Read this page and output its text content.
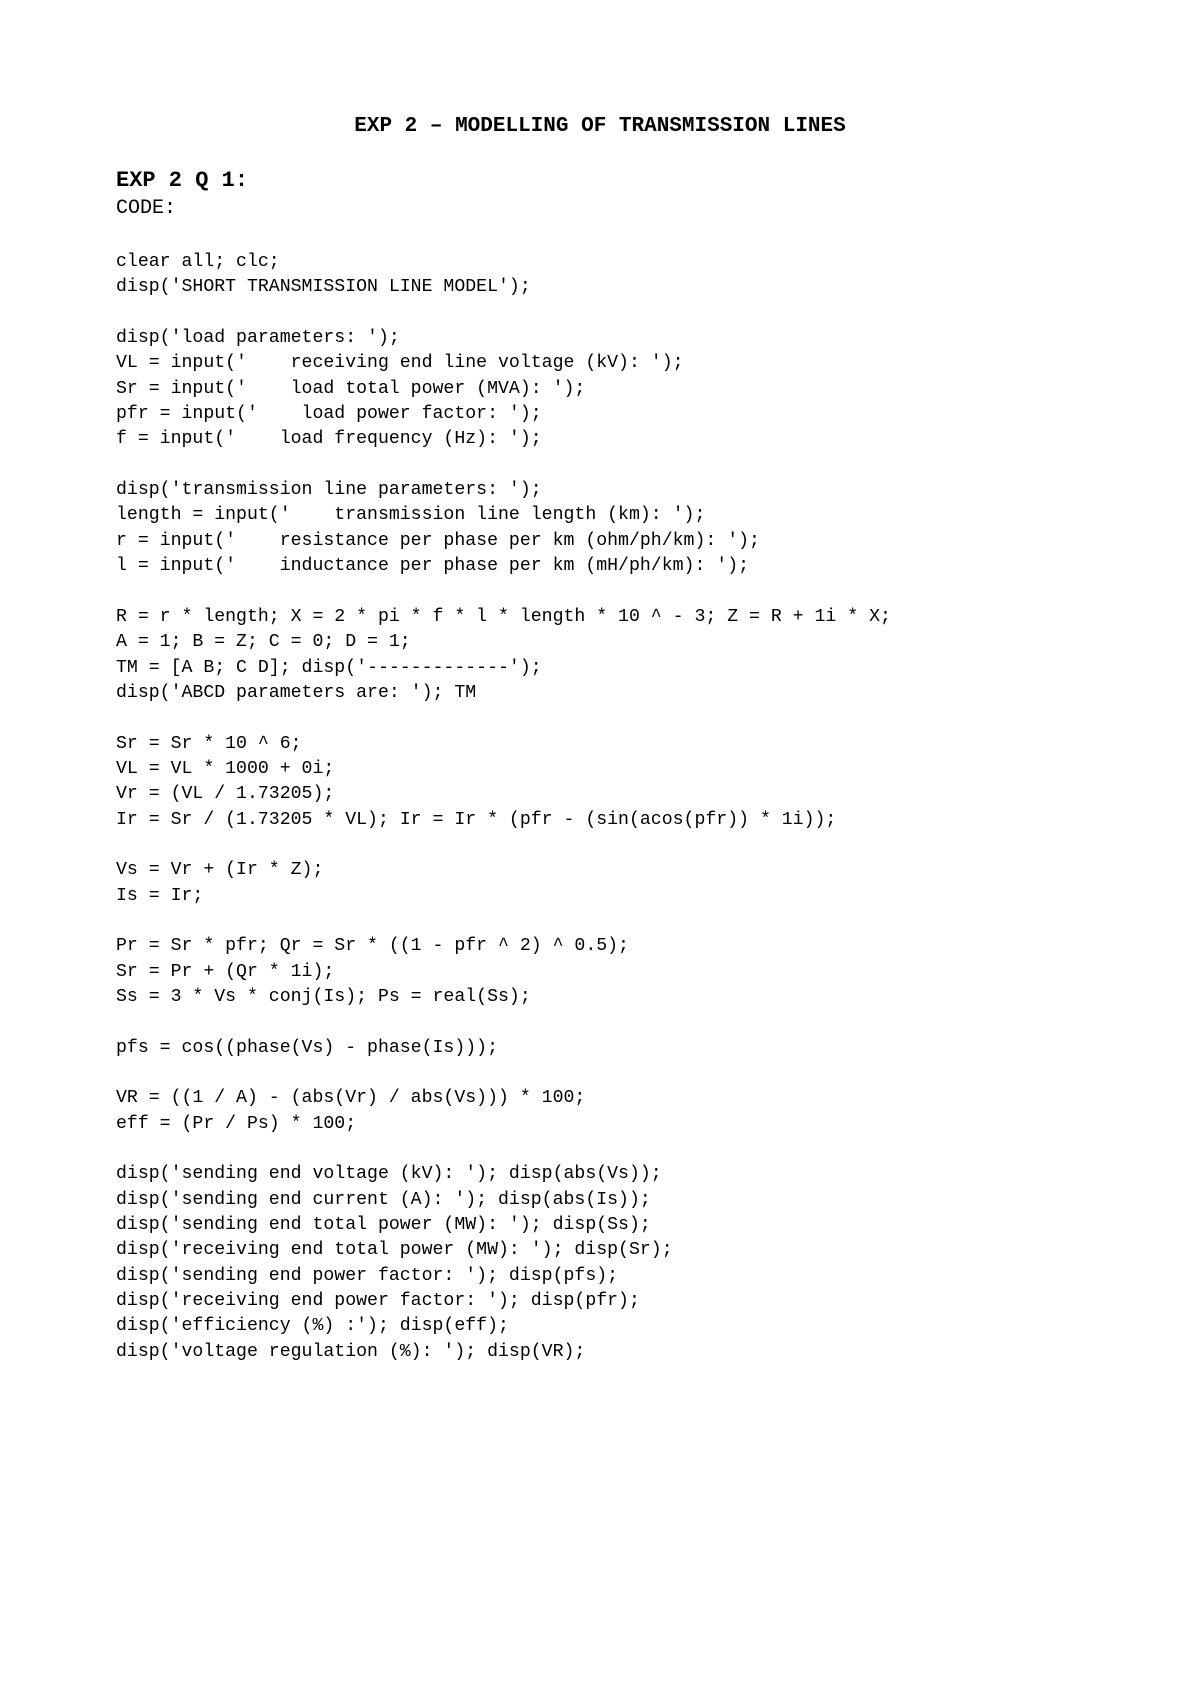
EXP 2 – MODELLING OF TRANSMISSION LINES
EXP 2 Q 1:
CODE:
clear all; clc;
disp('SHORT TRANSMISSION LINE MODEL');
disp('load parameters: ');
VL = input('    receiving end line voltage (kV): ');
Sr = input('    load total power (MVA): ');
pfr = input('    load power factor: ');
f = input('    load frequency (Hz): ');
disp('transmission line parameters: ');
length = input('    transmission line length (km): ');
r = input('    resistance per phase per km (ohm/ph/km): ');
l = input('    inductance per phase per km (mH/ph/km): ');
R = r * length; X = 2 * pi * f * l * length * 10 ^ - 3; Z = R + 1i * X;
A = 1; B = Z; C = 0; D = 1;
TM = [A B; C D]; disp('-------------');
disp('ABCD parameters are: '); TM
Sr = Sr * 10 ^ 6;
VL = VL * 1000 + 0i;
Vr = (VL / 1.73205);
Ir = Sr / (1.73205 * VL); Ir = Ir * (pfr - (sin(acos(pfr)) * 1i));
Vs = Vr + (Ir * Z);
Is = Ir;
Pr = Sr * pfr; Qr = Sr * ((1 - pfr ^ 2) ^ 0.5);
Sr = Pr + (Qr * 1i);
Ss = 3 * Vs * conj(Is); Ps = real(Ss);
pfs = cos((phase(Vs) - phase(Is)));
VR = ((1 / A) - (abs(Vr) / abs(Vs))) * 100;
eff = (Pr / Ps) * 100;
disp('sending end voltage (kV): '); disp(abs(Vs));
disp('sending end current (A): '); disp(abs(Is));
disp('sending end total power (MW): '); disp(Ss);
disp('receiving end total power (MW): '); disp(Sr);
disp('sending end power factor: '); disp(pfs);
disp('receiving end power factor: '); disp(pfr);
disp('efficiency (%) :'); disp(eff);
disp('voltage regulation (%): '); disp(VR);
